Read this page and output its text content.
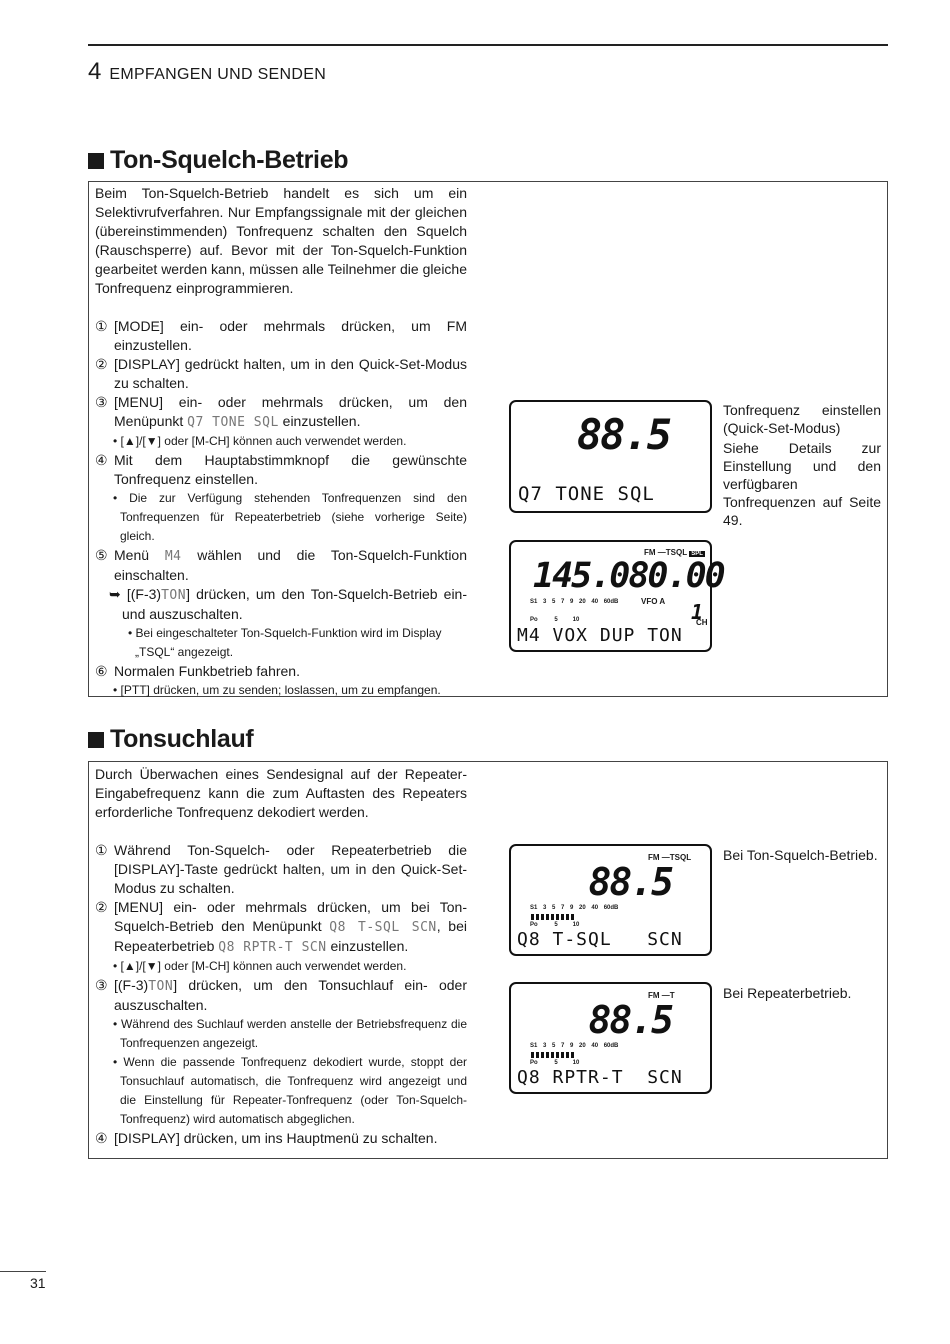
4 EMPFANGEN UND SENDEN
Ton-Squelch-Betrieb
Beim Ton-Squelch-Betrieb handelt es sich um ein Selektivrufverfahren. Nur Empfangssignale mit der gleichen (übereinstimmenden) Tonfrequenz schalten den Squelch (Rauschsperre) auf. Bevor mit der Ton-Squelch-Funktion gearbeitet werden kann, müssen alle Teilnehmer die gleiche Tonfrequenz einprogrammieren.
① [MODE] ein- oder mehrmals drücken, um FM einzustellen.
② [DISPLAY] gedrückt halten, um in den Quick-Set-Modus zu schalten.
③ [MENU] ein- oder mehrmals drücken, um den Menüpunkt Q7 TONE SQL einzustellen.
• [▲]/[▼] oder [M-CH] können auch verwendet werden.
④ Mit dem Hauptabstimmknopf die gewünschte Tonfrequenz einstellen.
• Die zur Verfügung stehenden Tonfrequenzen sind den Tonfrequenzen für Repeaterbetrieb (siehe vorherige Seite) gleich.
⑤ Menü M4 wählen und die Ton-Squelch-Funktion einschalten.
➥ [(F-3)TON] drücken, um den Ton-Squelch-Betrieb ein- und auszuschalten.
• Bei eingeschalteter Ton-Squelch-Funktion wird im Display „TSQL“ angezeigt.
⑥ Normalen Funkbetrieb fahren.
• [PTT] drücken, um zu senden; loslassen, um zu empfangen.
88.5
Q7 TONE SQL
Tonfrequenz einstellen (Quick-Set-Modus)
Siehe Details zur Einstellung und den verfügbaren Tonfrequenzen auf Seite 49.
FM —TSQL SPL
145.080.00
S1 3 5 7 9 20 40 60dB	VFO A
Po          5         10	1
CH
M4 VOX DUP TON
Tonsuchlauf
Durch Überwachen eines Sendesignal auf der Repeater-Eingabefrequenz kann die zum Auftasten des Repeaters erforderliche Tonfrequenz dekodiert werden.
① Während Ton-Squelch- oder Repeaterbetrieb die [DISPLAY]-Taste gedrückt halten, um in den Quick-Set-Modus zu schalten.
② [MENU] ein- oder mehrmals drücken, um bei Ton-Squelch-Betrieb den Menüpunkt Q8 T-SQL SCN, bei Repeaterbetrieb Q8 RPTR-T SCN einzustellen.
• [▲]/[▼] oder [M-CH] können auch verwendet werden.
③ [(F-3)TON] drücken, um den Tonsuchlauf ein- oder auszuschalten.
• Während des Suchlauf werden anstelle der Betriebsfrequenz die Tonfrequenzen angezeigt.
• Wenn die passende Tonfrequenz dekodiert wurde, stoppt der Tonsuchlauf automatisch, die Tonfrequenz wird angezeigt und die Einstellung für Repeater-Tonfrequenz (oder Ton-Squelch-Tonfrequenz) wird automatisch abgeglichen.
④ [DISPLAY] drücken, um ins Hauptmenü zu schalten.
FM —TSQL
88.5
S1 3 5 7 9 20 40 60dB
Po          5         10
Q8 T-SQL   SCN
Bei Ton-Squelch-Betrieb.
FM —T
88.5
S1 3 5 7 9 20 40 60dB
Po          5         10
Q8 RPTR-T  SCN
Bei Repeaterbetrieb.
31
